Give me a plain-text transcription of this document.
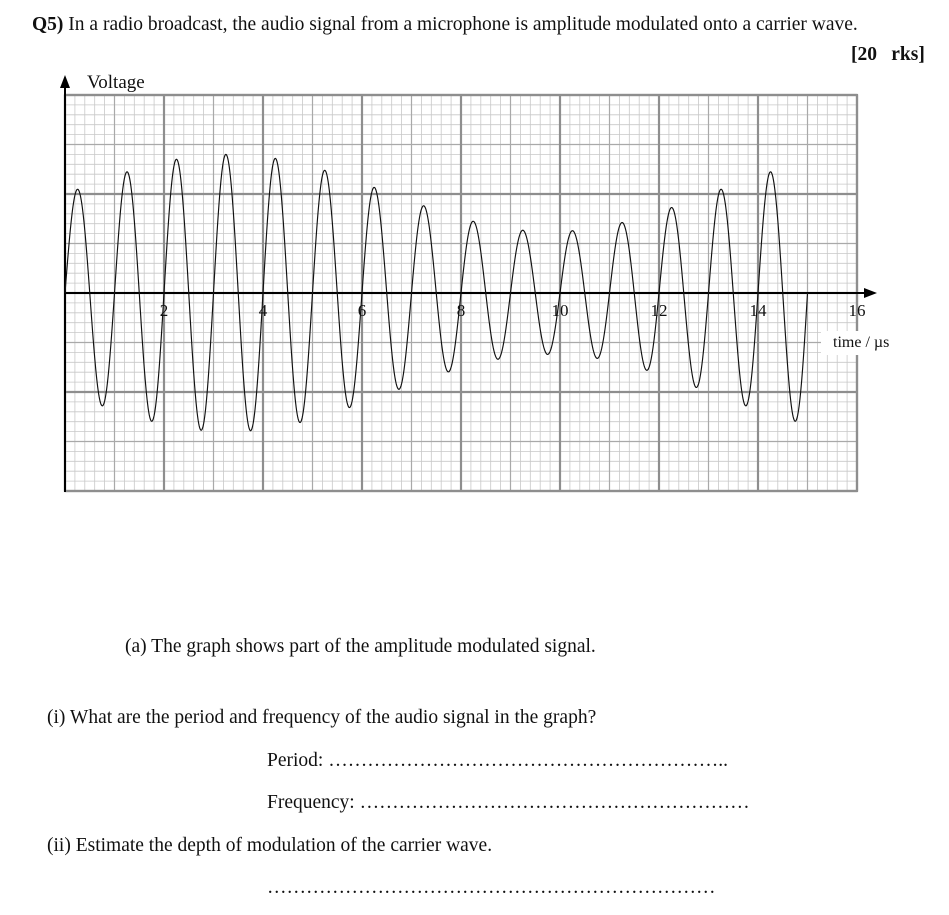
Q5) In a radio broadcast, the audio signal from a microphone is amplitude modulated onto a carrier wave.
[20 rks]
2	4	6	8	10	12	14	16
Voltage
time / µs
(a) The graph shows part of the amplitude modulated signal.
(i) What are the period and frequency of the audio signal in the graph?
Period: ……………………………………………………..
Frequency: ……………………………………………………
(ii) Estimate the depth of modulation of the carrier wave.
……………………………………………………………
